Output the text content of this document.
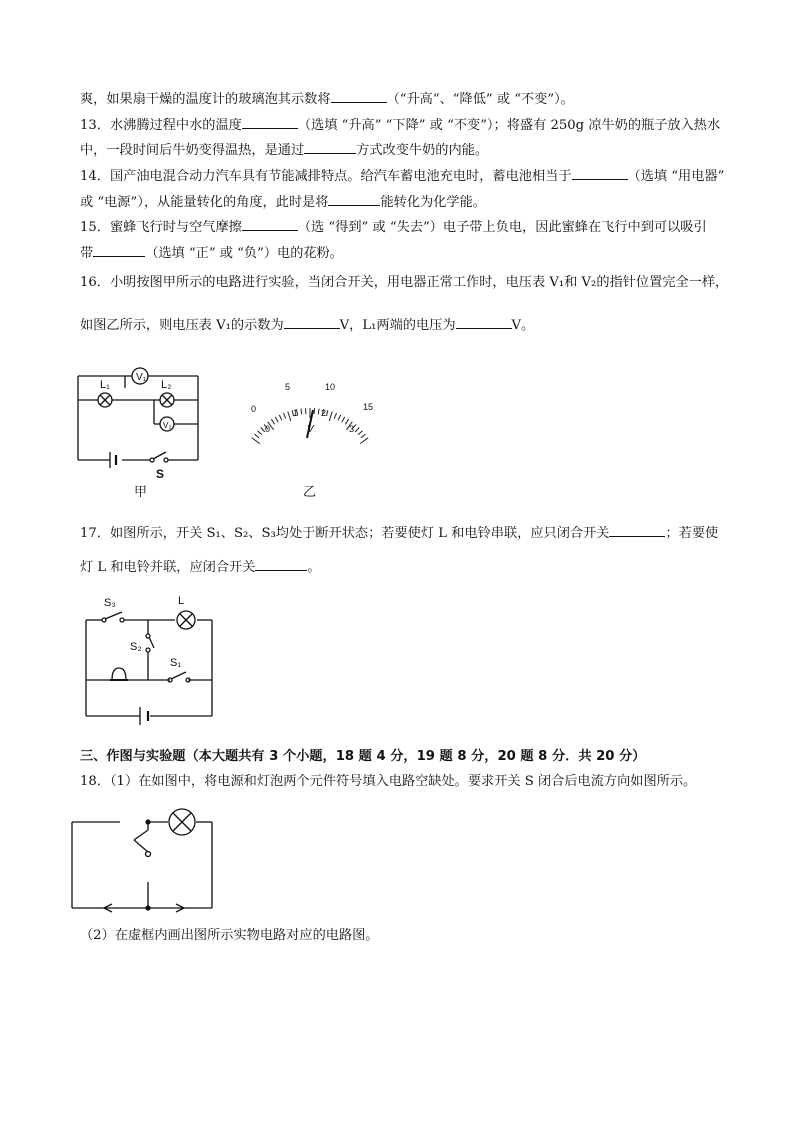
爽，如果扇干燥的温度计的玻璃泡其示数将	（“升高”、“降低” 或 “不变”）。
13．水沸腾过程中水的温度	（选填 “升高” “下降” 或 “不变”）；将盛有 250g 凉牛奶的瓶子放入热水
中，一段时间后牛奶变得温热，是通过	方式改变牛奶的内能。
14．国产油电混合动力汽车具有节能减排特点。给汽车蓄电池充电时，蓄电池相当于	（选填 “用电器”
或 “电源”），从能量转化的角度，此时是将	能转化为化学能。
15．蜜蜂飞行时与空气摩擦	（选 “得到” 或 “失去”）电子带上负电，因此蜜蜂在飞行中到可以吸引
带	（选填 “正” 或 “负”）电的花粉。
16．小明按图甲所示的电路进行实验，当闭合开关，用电器正常工作时，电压表 V₁和 V₂的指针位置完全一样，
如图乙所示，则电压表 V₁的示数为	V，L₁两端的电压为	V。
V₁
V₂
L₁	L₂
S
甲
0
5	10
15
0
1	2
3
V
乙
17．如图所示，开关 S₁、S₂、S₃均处于断开状态；若要使灯 L 和电铃串联，应只闭合开关	；若要使
灯 L 和电铃并联，应闭合开关	。
S₃	L
S₂
S₁
三、作图与实验题（本大题共有 3 个小题，18 题 4 分，19 题 8 分，20 题 8 分．共 20 分）
18．（1）在如图中，将电源和灯泡两个元件符号填入电路空缺处。要求开关 S 闭合后电流方向如图所示。
（2）在虚框内画出图所示实物电路对应的电路图。
